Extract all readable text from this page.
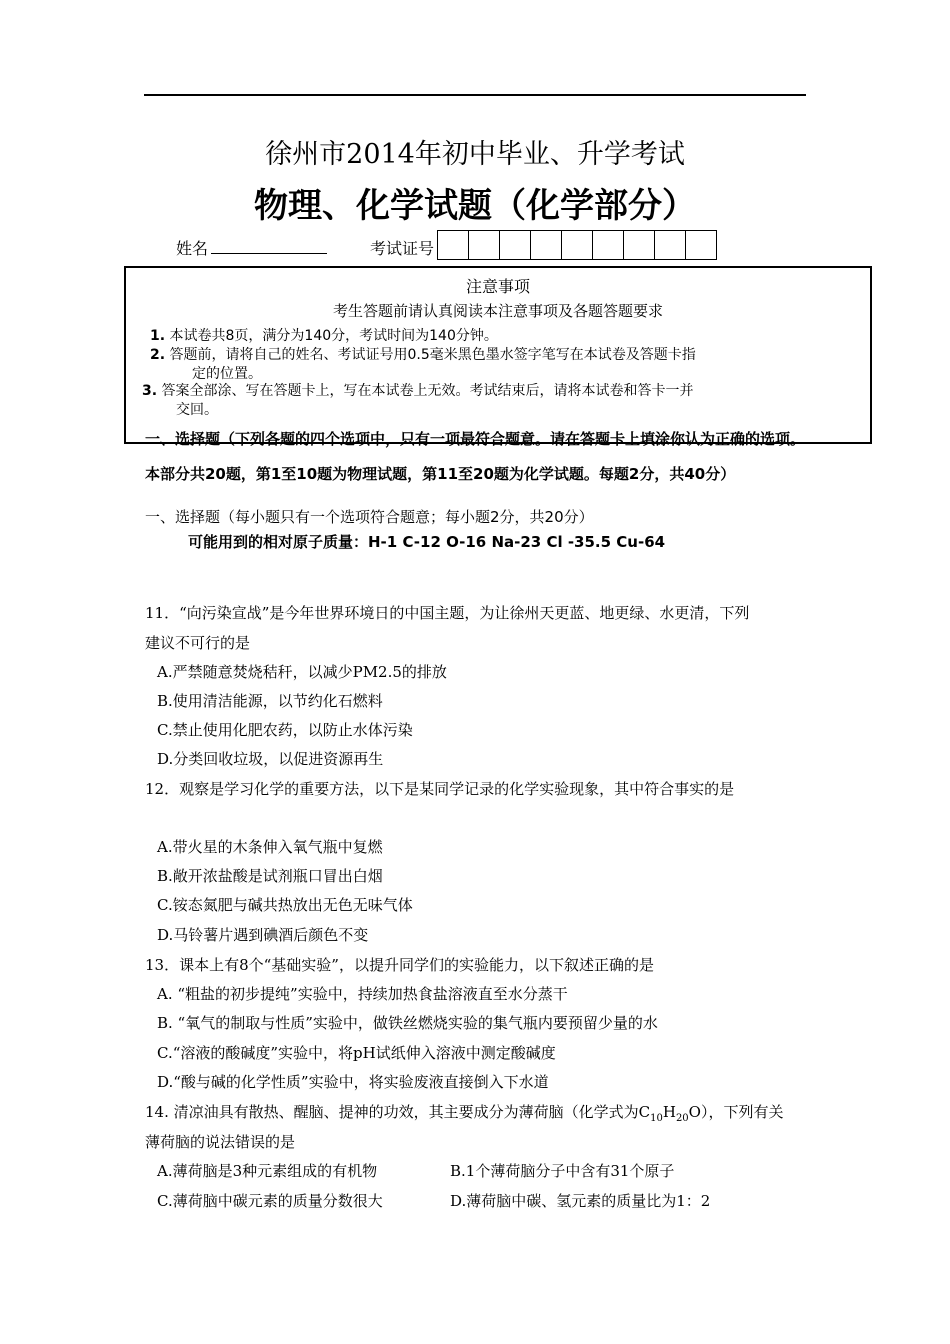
徐州市2014年初中毕业、升学考试
物理、化学试题（化学部分）
姓名	考试证号
注意事项
考生答题前请认真阅读本注意事项及各题答题要求
1. 本试卷共8页，满分为140分，考试时间为140分钟。
2. 答题前，请将自己的姓名、考试证号用0.5毫米黑色墨水签字笔写在本试卷及答题卡指
定的位置。
3. 答案全部涂、写在答题卡上，写在本试卷上无效。考试结束后，请将本试卷和答卡一并
交回。
一、选择题（下列各题的四个选项中，只有一项最符合题意。请在答题卡上填涂你认为正确的选项。
本部分共20题，第1至10题为物理试题，第11至20题为化学试题。每题2分，共40分）
一、选择题（每小题只有一个选项符合题意；每小题2分，共20分）
可能用到的相对原子质量：H-1 C-12 O-16 Na-23 Cl -35.5 Cu-64
11．“向污染宣战”是今年世界环境日的中国主题，为让徐州天更蓝、地更绿、水更清，下列
建议不可行的是
A.严禁随意焚烧秸秆，以减少PM2.5的排放
B.使用清洁能源，以节约化石燃料
C.禁止使用化肥农药，以防止水体污染
D.分类回收垃圾，以促进资源再生
12．观察是学习化学的重要方法，以下是某同学记录的化学实验现象，其中符合事实的是
A.带火星的木条伸入氧气瓶中复燃
B.敞开浓盐酸是试剂瓶口冒出白烟
C.铵态氮肥与碱共热放出无色无味气体
D.马铃薯片遇到碘酒后颜色不变
13．课本上有8个“基础实验”，以提升同学们的实验能力，以下叙述正确的是
A. “粗盐的初步提纯”实验中，持续加热食盐溶液直至水分蒸干
B. “氧气的制取与性质”实验中，做铁丝燃烧实验的集气瓶内要预留少量的水
C.“溶液的酸碱度”实验中，将pH试纸伸入溶液中测定酸碱度
D.“酸与碱的化学性质”实验中，将实验废液直接倒入下水道
14. 清凉油具有散热、醒脑、提神的功效，其主要成分为薄荷脑（化学式为$C_{10}H_{20}O$），下列有关
薄荷脑的说法错误的是
A.薄荷脑是3种元素组成的有机物	B.1个薄荷脑分子中含有31个原子
C.薄荷脑中碳元素的质量分数很大	D.薄荷脑中碳、氢元素的质量比为1：2
